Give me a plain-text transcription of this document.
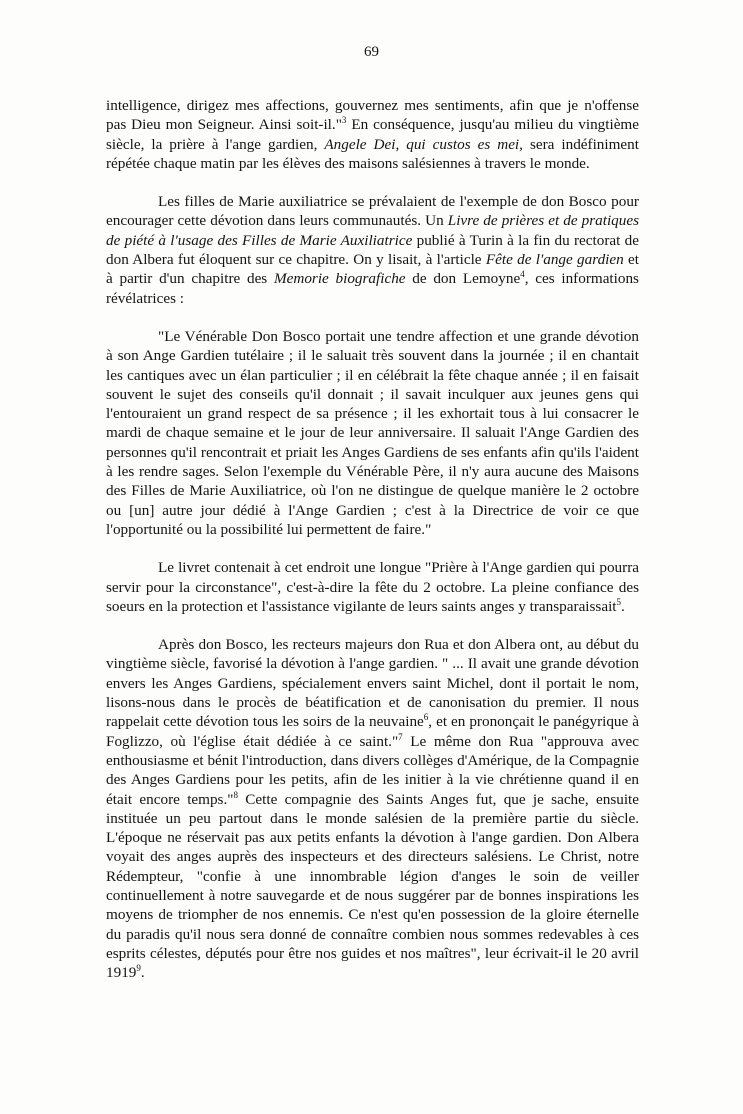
69

intelligence, dirigez mes affections, gouvernez mes sentiments, afin que je n'offense pas Dieu mon Seigneur. Ainsi soit-il."$^3$ En conséquence, jusqu'au milieu du vingtième siècle, la prière à l'ange gardien, Angele Dei, qui custos es mei, sera indéfiniment répétée chaque matin par les élèves des maisons salésiennes à travers le monde.

Les filles de Marie auxiliatrice se prévalaient de l'exemple de don Bosco pour encourager cette dévotion dans leurs communautés. Un Livre de prières et de pratiques de piété à l'usage des Filles de Marie Auxiliatrice publié à Turin à la fin du rectorat de don Albera fut éloquent sur ce chapitre. On y lisait, à l'article Fête de l'ange gardien et à partir d'un chapitre des Memorie biografiche de don Lemoyne$^4$, ces informations révélatrices :

"Le Vénérable Don Bosco portait une tendre affection et une grande dévotion à son Ange Gardien tutélaire ; il le saluait très souvent dans la journée ; il en chantait les cantiques avec un élan particulier ; il en célébrait la fête chaque année ; il en faisait souvent le sujet des conseils qu'il donnait ; il savait inculquer aux jeunes gens qui l'entouraient un grand respect de sa présence ; il les exhortait tous à lui consacrer le mardi de chaque semaine et le jour de leur anniversaire. Il saluait l'Ange Gardien des personnes qu'il rencontrait et priait les Anges Gardiens de ses enfants afin qu'ils l'aident à les rendre sages. Selon l'exemple du Vénérable Père, il n'y aura aucune des Maisons des Filles de Marie Auxiliatrice, où l'on ne distingue de quelque manière le 2 octobre ou [un] autre jour dédié à l'Ange Gardien ; c'est à la Directrice de voir ce que l'opportunité ou la possibilité lui permettent de faire."

Le livret contenait à cet endroit une longue "Prière à l'Ange gardien qui pourra servir pour la circonstance", c'est-à-dire la fête du 2 octobre. La pleine confiance des soeurs en la protection et l'assistance vigilante de leurs saints anges y transparaissait$^5$.

Après don Bosco, les recteurs majeurs don Rua et don Albera ont, au début du vingtième siècle, favorisé la dévotion à l'ange gardien. " ... Il avait une grande dévotion envers les Anges Gardiens, spécialement envers saint Michel, dont il portait le nom, lisons-nous dans le procès de béatification et de canonisation du premier. Il nous rappelait cette dévotion tous les soirs de la neuvaine$^6$, et en prononçait le panégyrique à Foglizzo, où l'église était dédiée à ce saint."$^7$ Le même don Rua "approuva avec enthousiasme et bénit l'introduction, dans divers collèges d'Amérique, de la Compagnie des Anges Gardiens pour les petits, afin de les initier à la vie chrétienne quand il en était encore temps."$^8$ Cette compagnie des Saints Anges fut, que je sache, ensuite instituée un peu partout dans le monde salésien de la première partie du siècle. L'époque ne réservait pas aux petits enfants la dévotion à l'ange gardien. Don Albera voyait des anges auprès des inspecteurs et des directeurs salésiens. Le Christ, notre Rédempteur, "confie à une innombrable légion d'anges le soin de veiller continuellement à notre sauvegarde et de nous suggérer par de bonnes inspirations les moyens de triompher de nos ennemis. Ce n'est qu'en possession de la gloire éternelle du paradis qu'il nous sera donné de connaître combien nous sommes redevables à ces esprits célestes, députés pour être nos guides et nos maîtres", leur écrivait-il le 20 avril 1919$^9$.
